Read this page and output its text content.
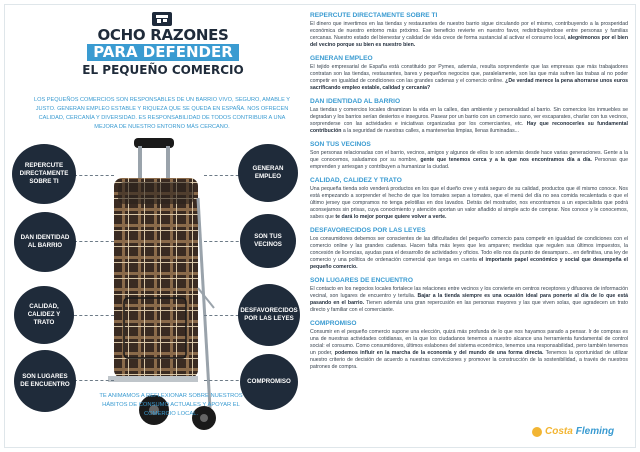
OCHO RAZONES
PARA DEFENDER
EL PEQUEÑO COMERCIO
LOS PEQUEÑOS COMERCIOS SON RESPONSABLES DE UN BARRIO VIVO, SEGURO, AMABLE Y JUSTO. GENERAN EMPLEO ESTABLE Y RIQUEZA QUE SE QUEDA EN ESPAÑA. NOS OFRECEN CALIDAD, CERCANÍA Y DIVERSIDAD. ES RESPONSABILIDAD DE TODOS CONTRIBUIR A UNA MEJORA DE NUESTRO ENTORNO MÁS CERCANO.
REPERCUTE DIRECTAMENTE SOBRE TI
GENERAN EMPLEO
DAN IDENTIDAD AL BARRIO
SON TUS VECINOS
CALIDAD, CALIDEZ Y TRATO
DESFAVORECIDOS POR LAS LEYES
SON LUGARES DE ENCUENTRO	COMPROMISO
TE ANIMAMOS A REFLEXIONAR SOBRE NUESTROS HÁBITOS DE CONSUMO ACTUALES Y APOYAR EL COMERCIO LOCAL.
REPERCUTE DIRECTAMENTE SOBRE TI

El dinero que invertimos en las tiendas y restaurantes de nuestro barrio sigue circulando por el mismo, contribuyendo a la prosperidad económica de nuestro entorno más próximo. Ese beneficio revierte en nuestro favor, redistribuyéndose entre personas y familias cercanas. Nuestro estado del bienestar y calidad de vida crece de forma sustancial al activar el consumo local, alegrémonos por el bien del vecino porque su bien es nuestro bien.

GENERAN EMPLEO

El tejido empresarial de España está constituido por Pymes, además, resulta sorprendente que las empresas que más trabajadores contratan son las tiendas, restaurantes, bares y pequeños negocios que, paralelamente, son las que más sufren las trabas al no poder competir en igualdad de condiciones con las grandes cadenas y el comercio online. ¿De verdad merece la pena ahorrarse unos euros sacrificando empleo estable, calidad y cercanía?

DAN IDENTIDAD AL BARRIO

Las tiendas y comercios locales dinamizan la vida en la calles, dan ambiente y personalidad al barrio. Sin comercios los inmuebles se degradan y los barrios serían desiertos e inseguros. Pasear por un barrio con un comercio sano, ver escaparates, charlar con tus vecinos, sorprenderse con las actividades e iniciativas organizadas por los comerciantes, etc. Hay que reconocerles su fundamental contribución a la seguridad de nuestras calles, a mantenerlas limpias, llenas iluminadas...

SON TUS VECINOS

Son personas relacionadas con el barrio, vecinos, amigos y algunos de ellos lo son además desde hace varias generaciones. Gente a la que conocemos, saludamos por su nombre, gente que tenemos cerca y a la que nos encontramos día a día. Personas que emprenden y arriesgan y contribuyen a humanizar la ciudad.

CALIDAD, CALIDEZ Y TRATO

Una pequeña tienda solo venderá productos en los que el dueño cree y está seguro de su calidad, productos que él mismo conoce. Nos está empezando a sorprender el hecho de que los tomates sepan a tomates, que el menú del día no sea comida recalentada o que el último jersey que compramos no tenga pelotillas en dos lavados. Detrás del mostrador, nos encontramos a un especialista que podrá aconsejarnos sin prisas, cuya conocimiento y atención aportan un valor añadido al simple acto de comprar. Nos conoce y le conocemos, sabes que te dará lo mejor porque quiere volver a verte.

DESFAVORECIDOS POR LAS LEYES

Los consumidores debemos ser conscientes de las dificultades del pequeño comercio para competir en igualdad de condiciones con el comercio online y las grandes cadenas. Hacen falta más leyes que les amparen; medidas que regulen sus últimos impuestos, la concesión de licencias, ayudas para el desarrollo de actividades y oficios. Todo ello nos da punto de desamparo... en definitiva, una ley de comercio y una política de ordenación comercial que tenga en cuenta el importante papel económico y social que desempeña el pequeño comercio.

SON LUGARES DE ENCUENTRO

El contacto en los negocios locales fortalece las relaciones entre vecinos y los convierte en centros receptores y difusores de información vecinal, son lugares de encuentro y tertulia. Bajar a la tienda siempre es una ocasión ideal para ponerte al día de lo que está pasando en el barrio. Tienen además una gran repercusión en las personas mayores y las que viven solas, que agradecen un trato directo y familiar con el comerciante.

COMPROMISO

Consumir en el pequeño comercio supone una elección, quizá más profunda de lo que nos hayamos parado a pensar. Ir de compras es una de nuestras actividades cotidianas, en la que los ciudadanos tenemos a nuestro alcance una herramienta fundamental de control social: el consumo. Como consumidores, últimos eslabones del sistema económico, tenemos una responsabilidad, pero también tenemos un poder, podemos influir en la marcha de la economía y del mundo de una forma directa. Tenemos la oportunidad de utilizar nuestro criterio de decisión de acuerdo a nuestras convicciones y promover la construcción de la sostenibilidad, a través de nuestros patrones de compra.

Costa Fleming
